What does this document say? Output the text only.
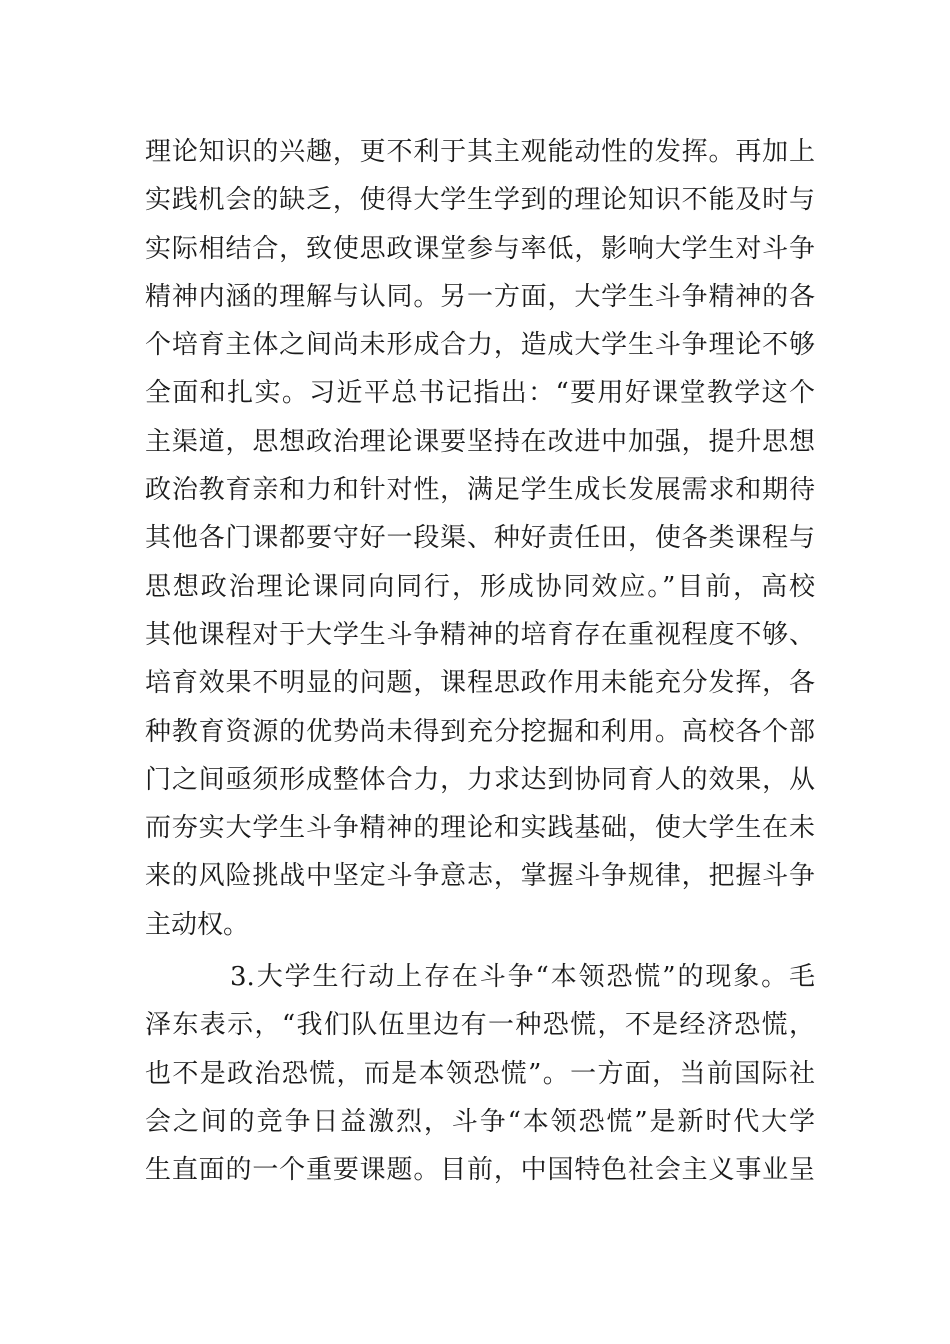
理论知识的兴趣，更不利于其主观能动性的发挥。再加上
实践机会的缺乏，使得大学生学到的理论知识不能及时与
实际相结合，致使思政课堂参与率低，影响大学生对斗争
精神内涵的理解与认同。另一方面，大学生斗争精神的各
个培育主体之间尚未形成合力，造成大学生斗争理论不够
全面和扎实。习近平总书记指出：“要用好课堂教学这个
主渠道，思想政治理论课要坚持在改进中加强，提升思想
政治教育亲和力和针对性，满足学生成长发展需求和期待
其他各门课都要守好一段渠、种好责任田，使各类课程与
思想政治理论课同向同行，形成协同效应。”目前，高校
其他课程对于大学生斗争精神的培育存在重视程度不够、
培育效果不明显的问题，课程思政作用未能充分发挥，各
种教育资源的优势尚未得到充分挖掘和利用。高校各个部
门之间亟须形成整体合力，力求达到协同育人的效果，从
而夯实大学生斗争精神的理论和实践基础，使大学生在未
来的风险挑战中坚定斗争意志，掌握斗争规律，把握斗争
主动权。
3.大学生行动上存在斗争“本领恐慌”的现象。毛
泽东表示，“我们队伍里边有一种恐慌，不是经济恐慌，
也不是政治恐慌，而是本领恐慌”。一方面，当前国际社
会之间的竞争日益激烈，斗争“本领恐慌”是新时代大学
生直面的一个重要课题。目前，中国特色社会主义事业呈
